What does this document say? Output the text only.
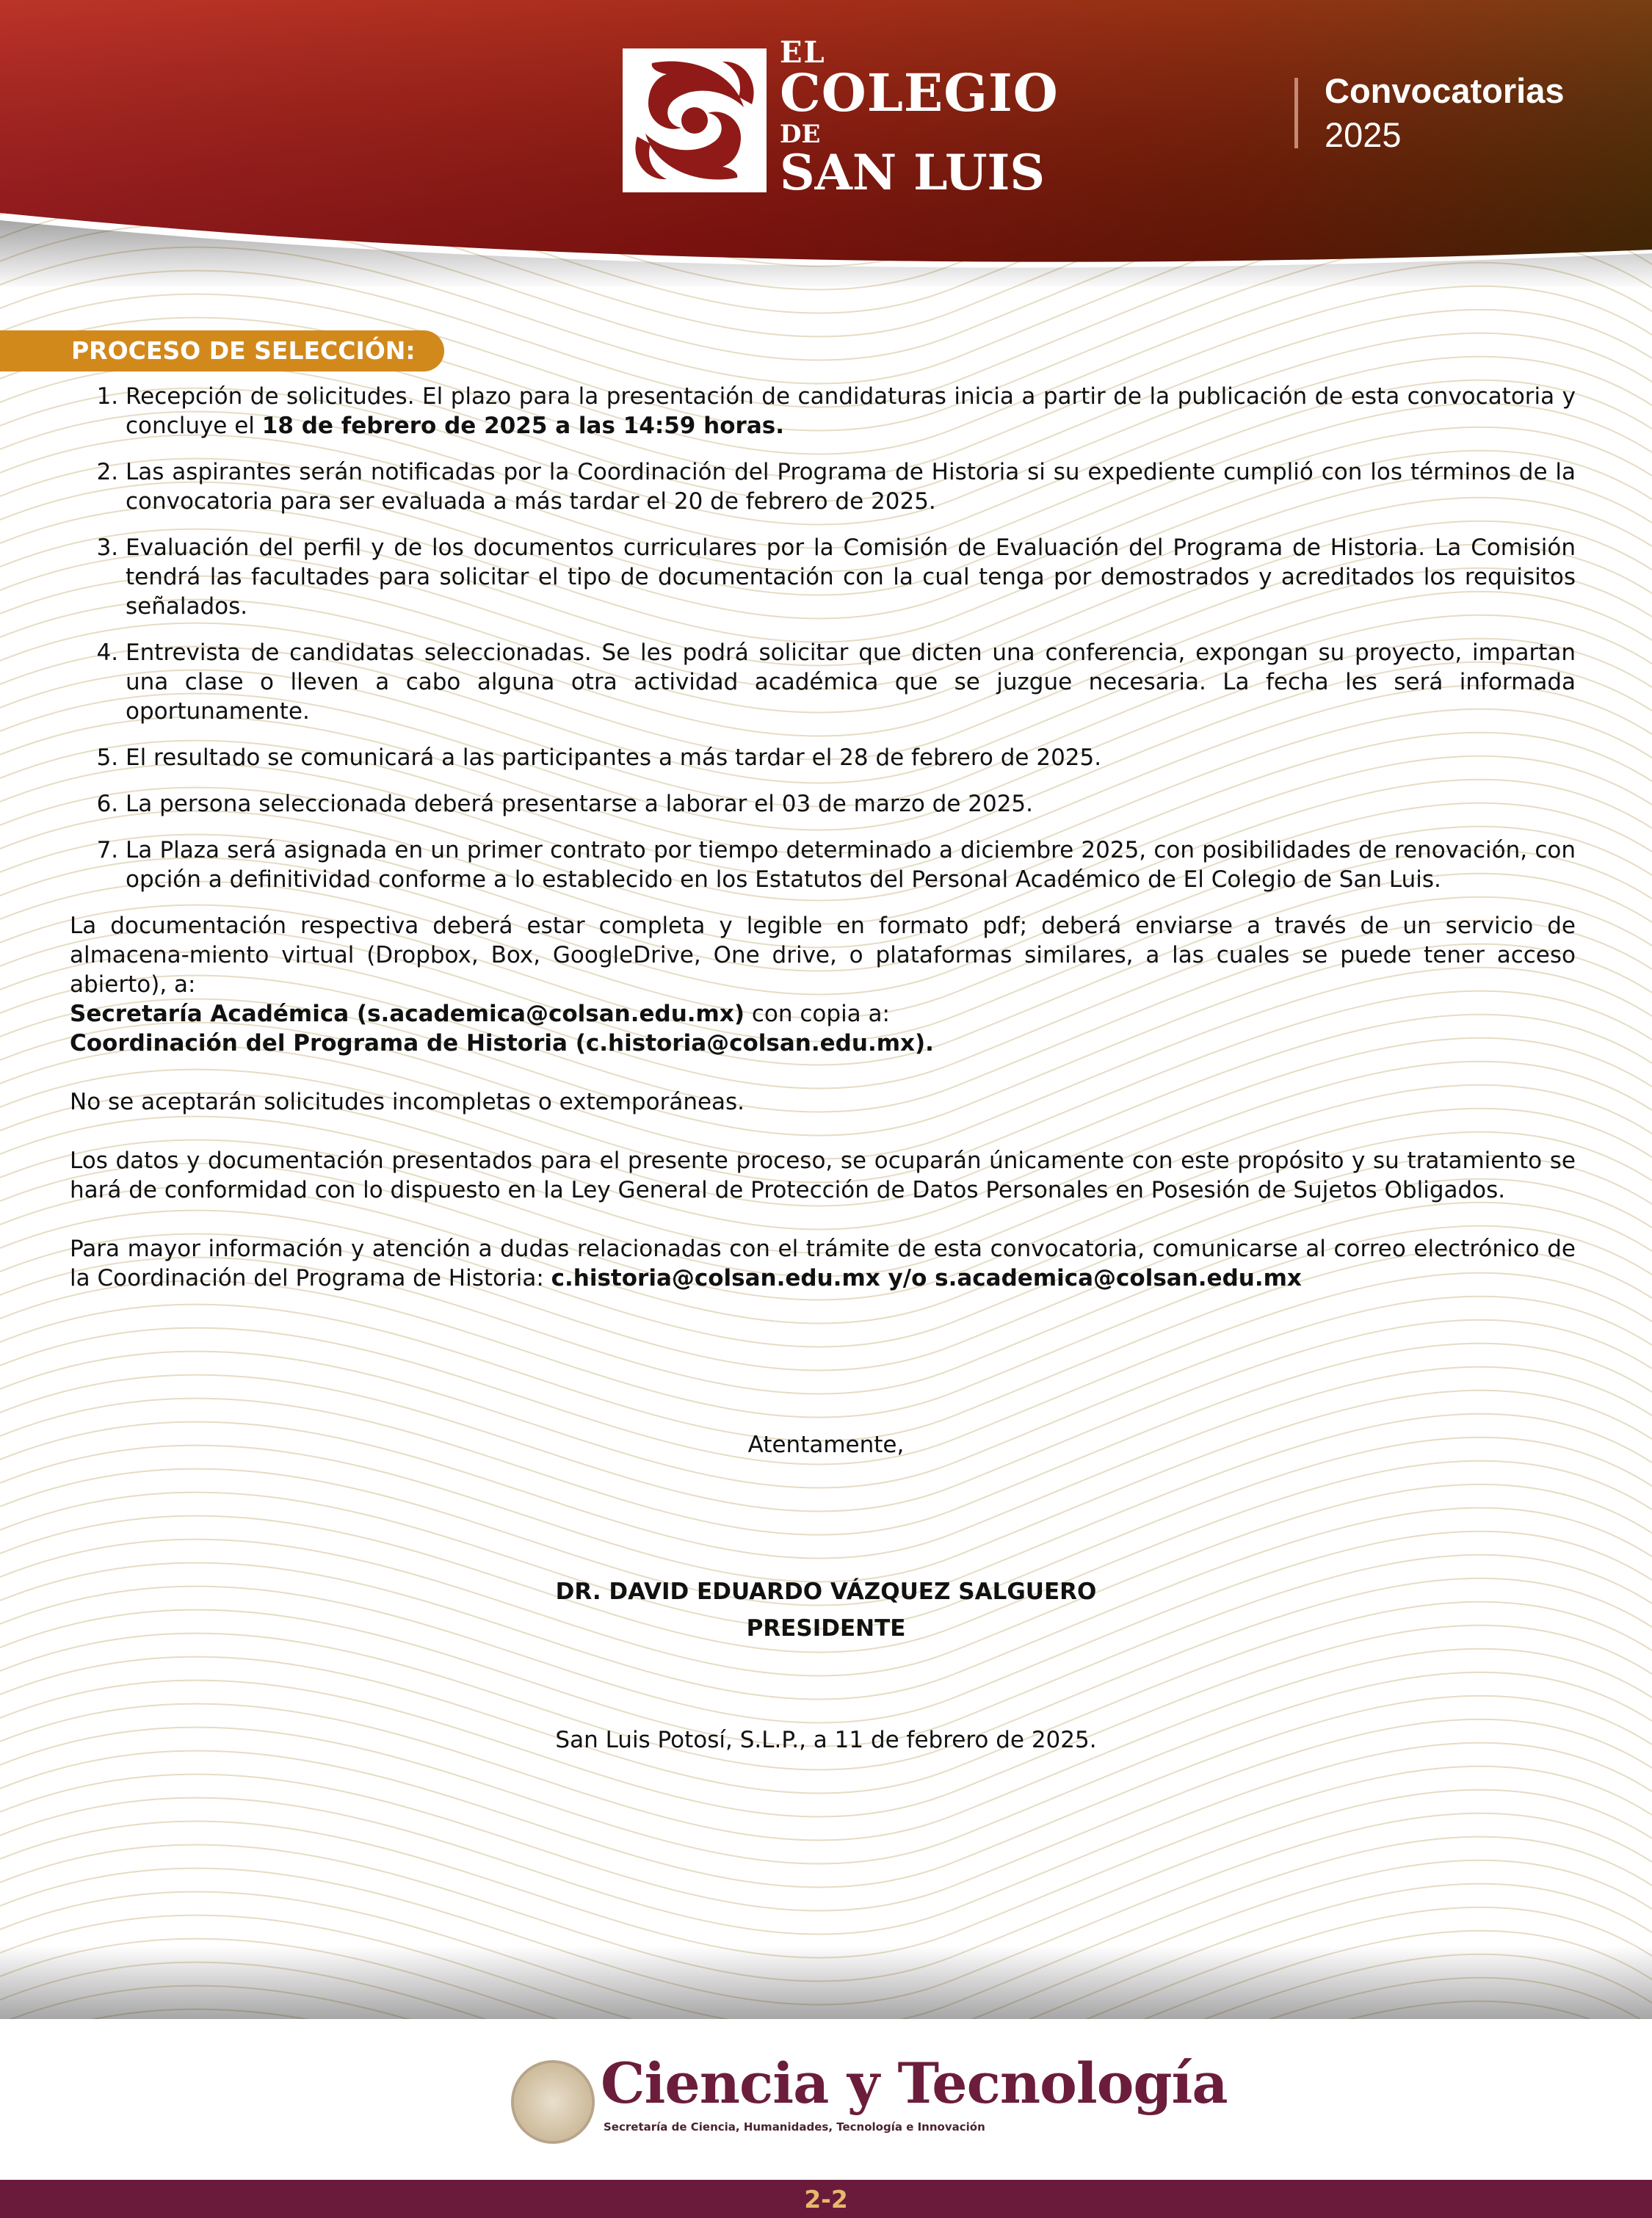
EL
COLEGIO
DE
SAN LUIS
Convocatorias
2025
PROCESO DE SELECCIÓN:
1. Recepción de solicitudes. El plazo para la presentación de candidaturas inicia a partir de la publicación de esta convocatoria y concluye el 18 de febrero de 2025 a las 14:59 horas.
2. Las aspirantes serán notificadas por la Coordinación del Programa de Historia si su expediente cumplió con los términos de la convocatoria para ser evaluada a más tardar el 20 de febrero de 2025.
3. Evaluación del perfil y de los documentos curriculares por la Comisión de Evaluación del Programa de Historia. La Comisión tendrá las facultades para solicitar el tipo de documentación con la cual tenga por demostrados y acreditados los requisitos señalados.
4. Entrevista de candidatas seleccionadas. Se les podrá solicitar que dicten una conferencia, expongan su proyecto, impartan una clase o lleven a cabo alguna otra actividad académica que se juzgue necesaria. La fecha les será informada oportunamente.
5. El resultado se comunicará a las participantes a más tardar el 28 de febrero de 2025.
6. La persona seleccionada deberá presentarse a laborar el 03 de marzo de 2025.
7. La Plaza será asignada en un primer contrato por tiempo determinado a diciembre 2025, con posibilidades de renovación, con opción a definitividad conforme a lo establecido en los Estatutos del Personal Académico de El Colegio de San Luis.

La documentación respectiva deberá estar completa y legible en formato pdf; deberá enviarse a través de un servicio de almacena-miento virtual (Dropbox, Box, GoogleDrive, One drive, o plataformas similares, a las cuales se puede tener acceso abierto), a:
Secretaría Académica (s.academica@colsan.edu.mx) con copia a:
Coordinación del Programa de Historia (c.historia@colsan.edu.mx).

No se aceptarán solicitudes incompletas o extemporáneas.

Los datos y documentación presentados para el presente proceso, se ocuparán únicamente con este propósito y su tratamiento se hará de conformidad con lo dispuesto en la Ley General de Protección de Datos Personales en Posesión de Sujetos Obligados.

Para mayor información y atención a dudas relacionadas con el trámite de esta convocatoria, comunicarse al correo electrónico de la Coordinación del Programa de Historia: c.historia@colsan.edu.mx y/o s.academica@colsan.edu.mx

Atentamente,
DR. DAVID EDUARDO VÁZQUEZ SALGUERO
PRESIDENTE
San Luis Potosí, S.L.P., a 11 de febrero de 2025.
Ciencia y Tecnología
Secretaría de Ciencia, Humanidades, Tecnología e Innovación
2-2
